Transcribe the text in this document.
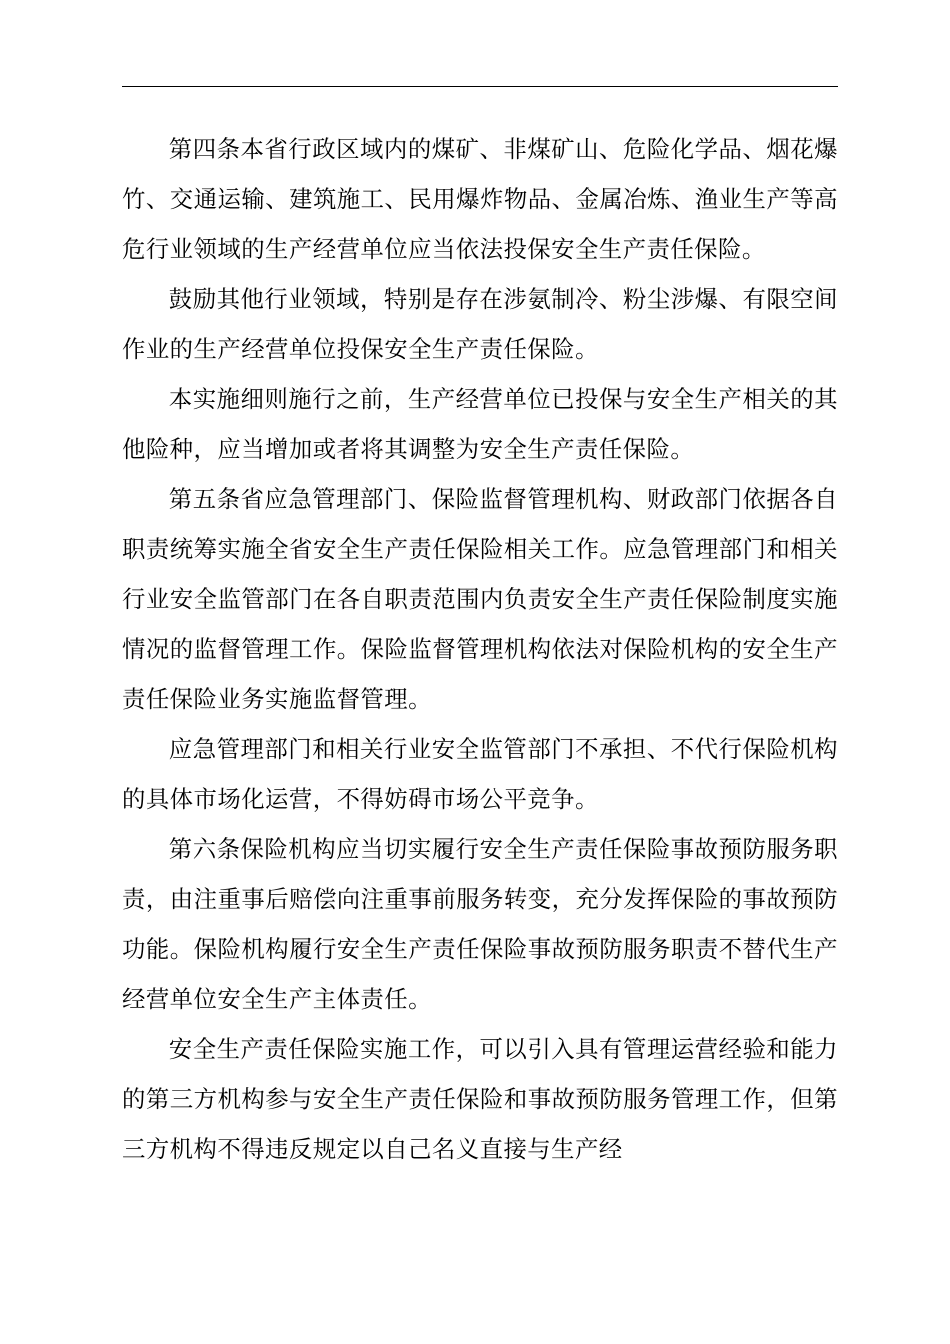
第四条本省行政区域内的煤矿、非煤矿山、危险化学品、烟花爆竹、交通运输、建筑施工、民用爆炸物品、金属冶炼、渔业生产等高危行业领域的生产经营单位应当依法投保安全生产责任保险。

鼓励其他行业领域，特别是存在涉氨制冷、粉尘涉爆、有限空间作业的生产经营单位投保安全生产责任保险。

本实施细则施行之前，生产经营单位已投保与安全生产相关的其他险种，应当增加或者将其调整为安全生产责任保险。

第五条省应急管理部门、保险监督管理机构、财政部门依据各自职责统筹实施全省安全生产责任保险相关工作。应急管理部门和相关行业安全监管部门在各自职责范围内负责安全生产责任保险制度实施情况的监督管理工作。保险监督管理机构依法对保险机构的安全生产责任保险业务实施监督管理。

应急管理部门和相关行业安全监管部门不承担、不代行保险机构的具体市场化运营，不得妨碍市场公平竞争。

第六条保险机构应当切实履行安全生产责任保险事故预防服务职责，由注重事后赔偿向注重事前服务转变，充分发挥保险的事故预防功能。保险机构履行安全生产责任保险事故预防服务职责不替代生产经营单位安全生产主体责任。

安全生产责任保险实施工作，可以引入具有管理运营经验和能力的第三方机构参与安全生产责任保险和事故预防服务管理工作，但第三方机构不得违反规定以自己名义直接与生产经
